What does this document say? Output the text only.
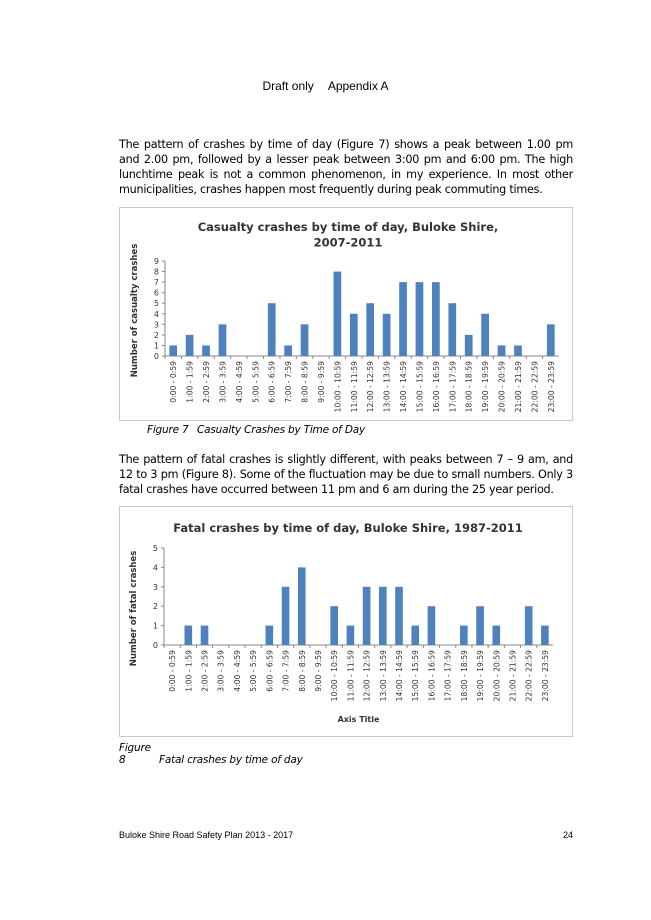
Draft only Appendix A
The pattern of crashes by time of day (Figure 7) shows a peak between 1.00 pm and 2.00 pm, followed by a lesser peak between 3:00 pm and 6:00 pm. The high lunchtime peak is not a common phenomenon, in my experience. In most other municipalities, crashes happen most frequently during peak commuting times.
Casualty crashes by time of day, Buloke Shire,
2007-2011
0
1
2
3
4
5
6
7
8
9
Number of casualty crashes
0:00 - 0:59 1:00 - 1:59 2:00 - 2:59 3:00 - 3:59 4:00 - 4:59 5:00 - 5:59 6:00 - 6:59 7:00 - 7:59 8:00 - 8:59 9:00 - 9:59 10:00 - 10:59 11:00 - 11:59 12:00 - 12:59 13:00 - 13:59 14:00 - 14:59 15:00 - 15:59 16:00 - 16:59 17:00 - 17:59 18:00 - 18:59 19:00 - 19:59 20:00 - 20:59 21:00 - 21:59 22:00 - 22:59 23:00 - 23:59
Figure 7 Casualty Crashes by Time of Day
The pattern of fatal crashes is slightly different, with peaks between 7 – 9 am, and 12 to 3 pm (Figure 8). Some of the fluctuation may be due to small numbers. Only 3 fatal crashes have occurred between 11 pm and 6 am during the 25 year period.
Fatal crashes by time of day, Buloke Shire, 1987-2011
0
1
2
3
4
5
Number of fatal crashes
0:00 - 0:59 1:00 - 1:59 2:00 - 2:59 3:00 - 3:59 4:00 - 4:59 5:00 - 5:59 6:00 - 6:59 7:00 - 7:59 8:00 - 8:59 9:00 - 9:59 10:00 - 10:59 11:00 - 11:59 12:00 - 12:59 13:00 - 13:59 14:00 - 14:59 15:00 - 15:59 16:00 - 16:59 17:00 - 17:59 18:00 - 18:59 19:00 - 19:59 20:00 - 20:59 21:00 - 21:59 22:00 - 22:59 23:00 - 23:59
Axis Title
Figure 8	Fatal crashes by time of day
Buloke Shire Road Safety Plan 2013 - 2017	24
